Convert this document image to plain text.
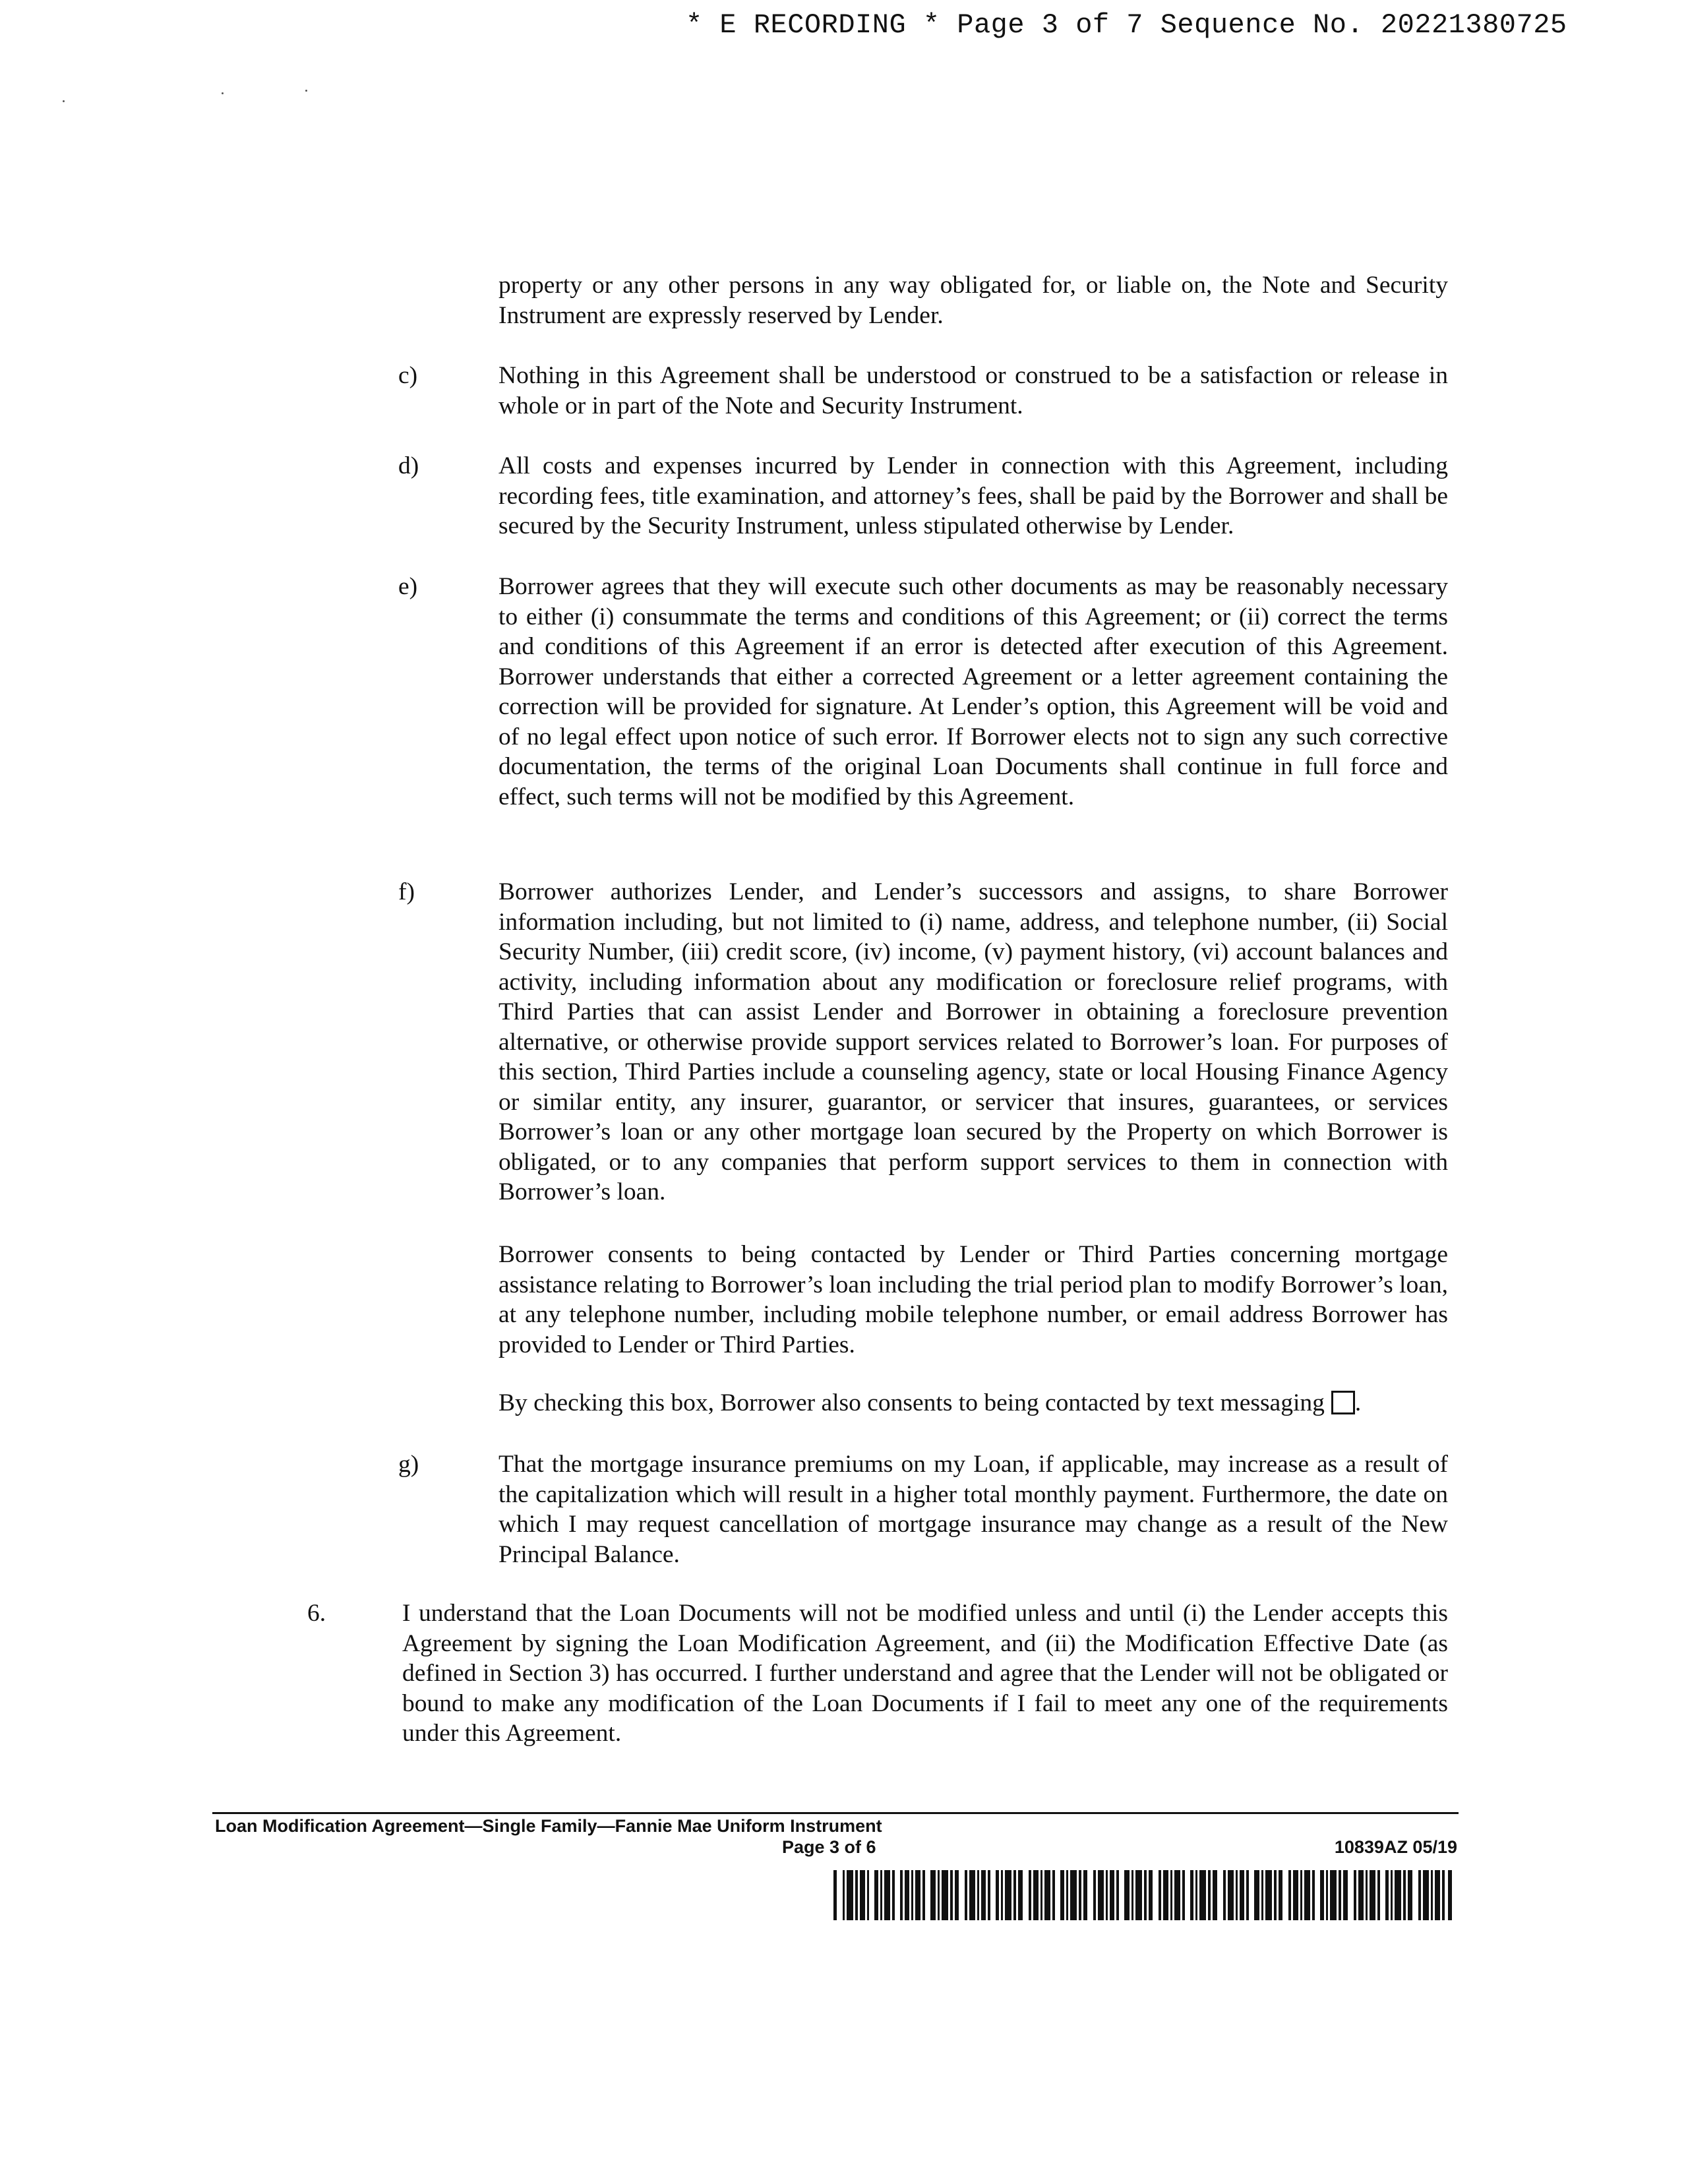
* E RECORDING * Page 3 of 7 Sequence No. 20221380725
property or any other persons in any way obligated for, or liable on, the Note and Security Instrument are expressly reserved by Lender.
c)	Nothing in this Agreement shall be understood or construed to be a satisfaction or release in whole or in part of the Note and Security Instrument.
d)	All costs and expenses incurred by Lender in connection with this Agreement, including recording fees, title examination, and attorney’s fees, shall be paid by the Borrower and shall be secured by the Security Instrument, unless stipulated otherwise by Lender.
e)	Borrower agrees that they will execute such other documents as may be reasonably necessary to either (i) consummate the terms and conditions of this Agreement; or (ii) correct the terms and conditions of this Agreement if an error is detected after execution of this Agreement. Borrower understands that either a corrected Agreement or a letter agreement containing the correction will be provided for signature. At Lender’s option, this Agreement will be void and of no legal effect upon notice of such error. If Borrower elects not to sign any such corrective documentation, the terms of the original Loan Documents shall continue in full force and effect, such terms will not be modified by this Agreement.
f)	Borrower authorizes Lender, and Lender’s successors and assigns, to share Borrower information including, but not limited to (i) name, address, and telephone number, (ii) Social Security Number, (iii) credit score, (iv) income, (v) payment history, (vi) account balances and activity, including information about any modification or foreclosure relief programs, with Third Parties that can assist Lender and Borrower in obtaining a foreclosure prevention alternative, or otherwise provide support services related to Borrower’s loan. For purposes of this section, Third Parties include a counseling agency, state or local Housing Finance Agency or similar entity, any insurer, guarantor, or servicer that insures, guarantees, or services Borrower’s loan or any other mortgage loan secured by the Property on which Borrower is obligated, or to any companies that perform support services to them in connection with Borrower’s loan.
Borrower consents to being contacted by Lender or Third Parties concerning mortgage assistance relating to Borrower’s loan including the trial period plan to modify Borrower’s loan, at any telephone number, including mobile telephone number, or email address Borrower has provided to Lender or Third Parties.
By checking this box, Borrower also consents to being contacted by text messaging .
g)	That the mortgage insurance premiums on my Loan, if applicable, may increase as a result of the capitalization which will result in a higher total monthly payment. Furthermore, the date on which I may request cancellation of mortgage insurance may change as a result of the New Principal Balance.
6.	I understand that the Loan Documents will not be modified unless and until (i) the Lender accepts this Agreement by signing the Loan Modification Agreement, and (ii) the Modification Effective Date (as defined in Section 3) has occurred. I further understand and agree that the Lender will not be obligated or bound to make any modification of the Loan Documents if I fail to meet any one of the requirements under this Agreement.
Loan Modification Agreement—Single Family—Fannie Mae Uniform Instrument
Page 3 of 6	10839AZ 05/19
